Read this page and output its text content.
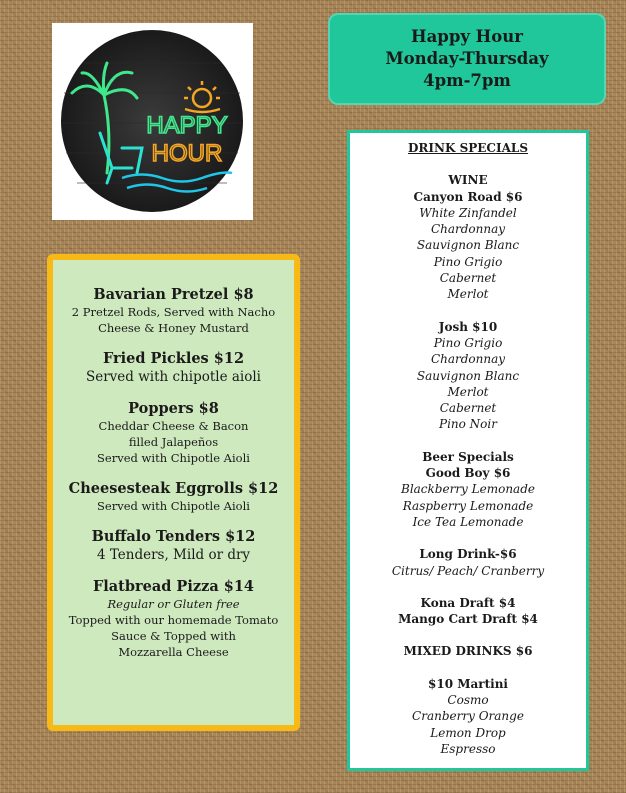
HAPPY
HOUR
Happy Hour
Monday-Thursday
4pm-7pm
Bavarian Pretzel $8
2 Pretzel Rods, Served with Nacho
Cheese & Honey Mustard
Fried Pickles $12
Served with chipotle aioli
Poppers $8
Cheddar Cheese & Bacon
filled Jalapeños
Served with Chipotle Aioli
Cheesesteak Eggrolls $12
Served with Chipotle Aioli
Buffalo Tenders $12
4 Tenders, Mild or dry
Flatbread Pizza $14
Regular or Gluten free
Topped with our homemade Tomato
Sauce & Topped with
Mozzarella Cheese
DRINK SPECIALS
WINE
Canyon Road $6
White Zinfandel
Chardonnay
Sauvignon Blanc
Pino Grigio
Cabernet
Merlot
Josh $10
Pino Grigio
Chardonnay
Sauvignon Blanc
Merlot
Cabernet
Pino Noir
Beer Specials
Good Boy $6
Blackberry Lemonade
Raspberry Lemonade
Ice Tea Lemonade
Long Drink-$6
Citrus/ Peach/ Cranberry
Kona Draft $4
Mango Cart Draft $4
MIXED DRINKS $6
$10 Martini
Cosmo
Cranberry Orange
Lemon Drop
Espresso
